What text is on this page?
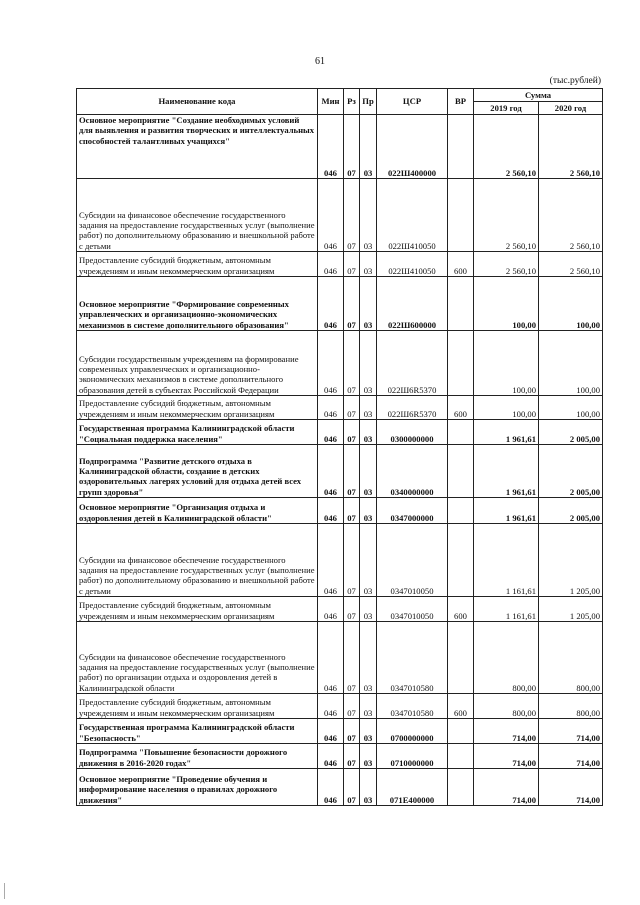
61
(тыс.рублей)
Наименование кода	Мин	Рз	Пр	ЦСР	ВР	Сумма	
						2019 год	2020 год
Основное мероприятие "Создание необходимых условий для выявления и развития творческих и интеллектуальных способностей талантливых учащихся"	046	07	03	022Ш400000		2 560,10	2 560,10
Субсидии на финансовое обеспечение государственного задания на предоставление государственных услуг (выполнение работ) по дополнительному образованию и внешкольной работе с детьми	046	07	03	022Ш410050		2 560,10	2 560,10
Предоставление субсидий бюджетным, автономным учреждениям и иным некоммерческим организациям	046	07	03	022Ш410050	600	2 560,10	2 560,10
Основное мероприятие "Формирование современных управленческих и организационно-экономических механизмов в системе дополнительного образования"	046	07	03	022Ш600000		100,00	100,00
Субсидии государственным учреждениям на формирование современных управленческих и организационно-экономических механизмов в системе дополнительного образования детей в субъектах Российской Федерации	046	07	03	022Ш6R5370		100,00	100,00
Предоставление субсидий бюджетным, автономным учреждениям и иным некоммерческим организациям	046	07	03	022Ш6R5370	600	100,00	100,00
Государственная программа Калининградской области "Социальная поддержка населения"	046	07	03	0300000000		1 961,61	2 005,00
Подпрограмма "Развитие детского отдыха в Калининградской области, создание в детских оздоровительных лагерях условий для отдыха детей всех групп здоровья"	046	07	03	0340000000		1 961,61	2 005,00
Основное мероприятие "Организация отдыха и оздоровления детей в Калининградской области"	046	07	03	0347000000		1 961,61	2 005,00
Субсидии на финансовое обеспечение государственного задания на предоставление государственных услуг (выполнение работ) по дополнительному образованию и внешкольной работе с детьми	046	07	03	0347010050		1 161,61	1 205,00
Предоставление субсидий бюджетным, автономным учреждениям и иным некоммерческим организациям	046	07	03	0347010050	600	1 161,61	1 205,00
Субсидии на финансовое обеспечение государственного задания на предоставление государственных услуг (выполнение работ) по организации отдыха и оздоровления детей в Калининградской области	046	07	03	0347010580		800,00	800,00
Предоставление субсидий бюджетным, автономным учреждениям и иным некоммерческим организациям	046	07	03	0347010580	600	800,00	800,00
Государственная программа Калининградской области "Безопасность"	046	07	03	0700000000		714,00	714,00
Подпрограмма "Повышение безопасности дорожного движения в 2016-2020 годах"	046	07	03	0710000000		714,00	714,00
Основное мероприятие "Проведение обучения и информирование населения о правилах дорожного движения"	046	07	03	071Е400000		714,00	714,00
